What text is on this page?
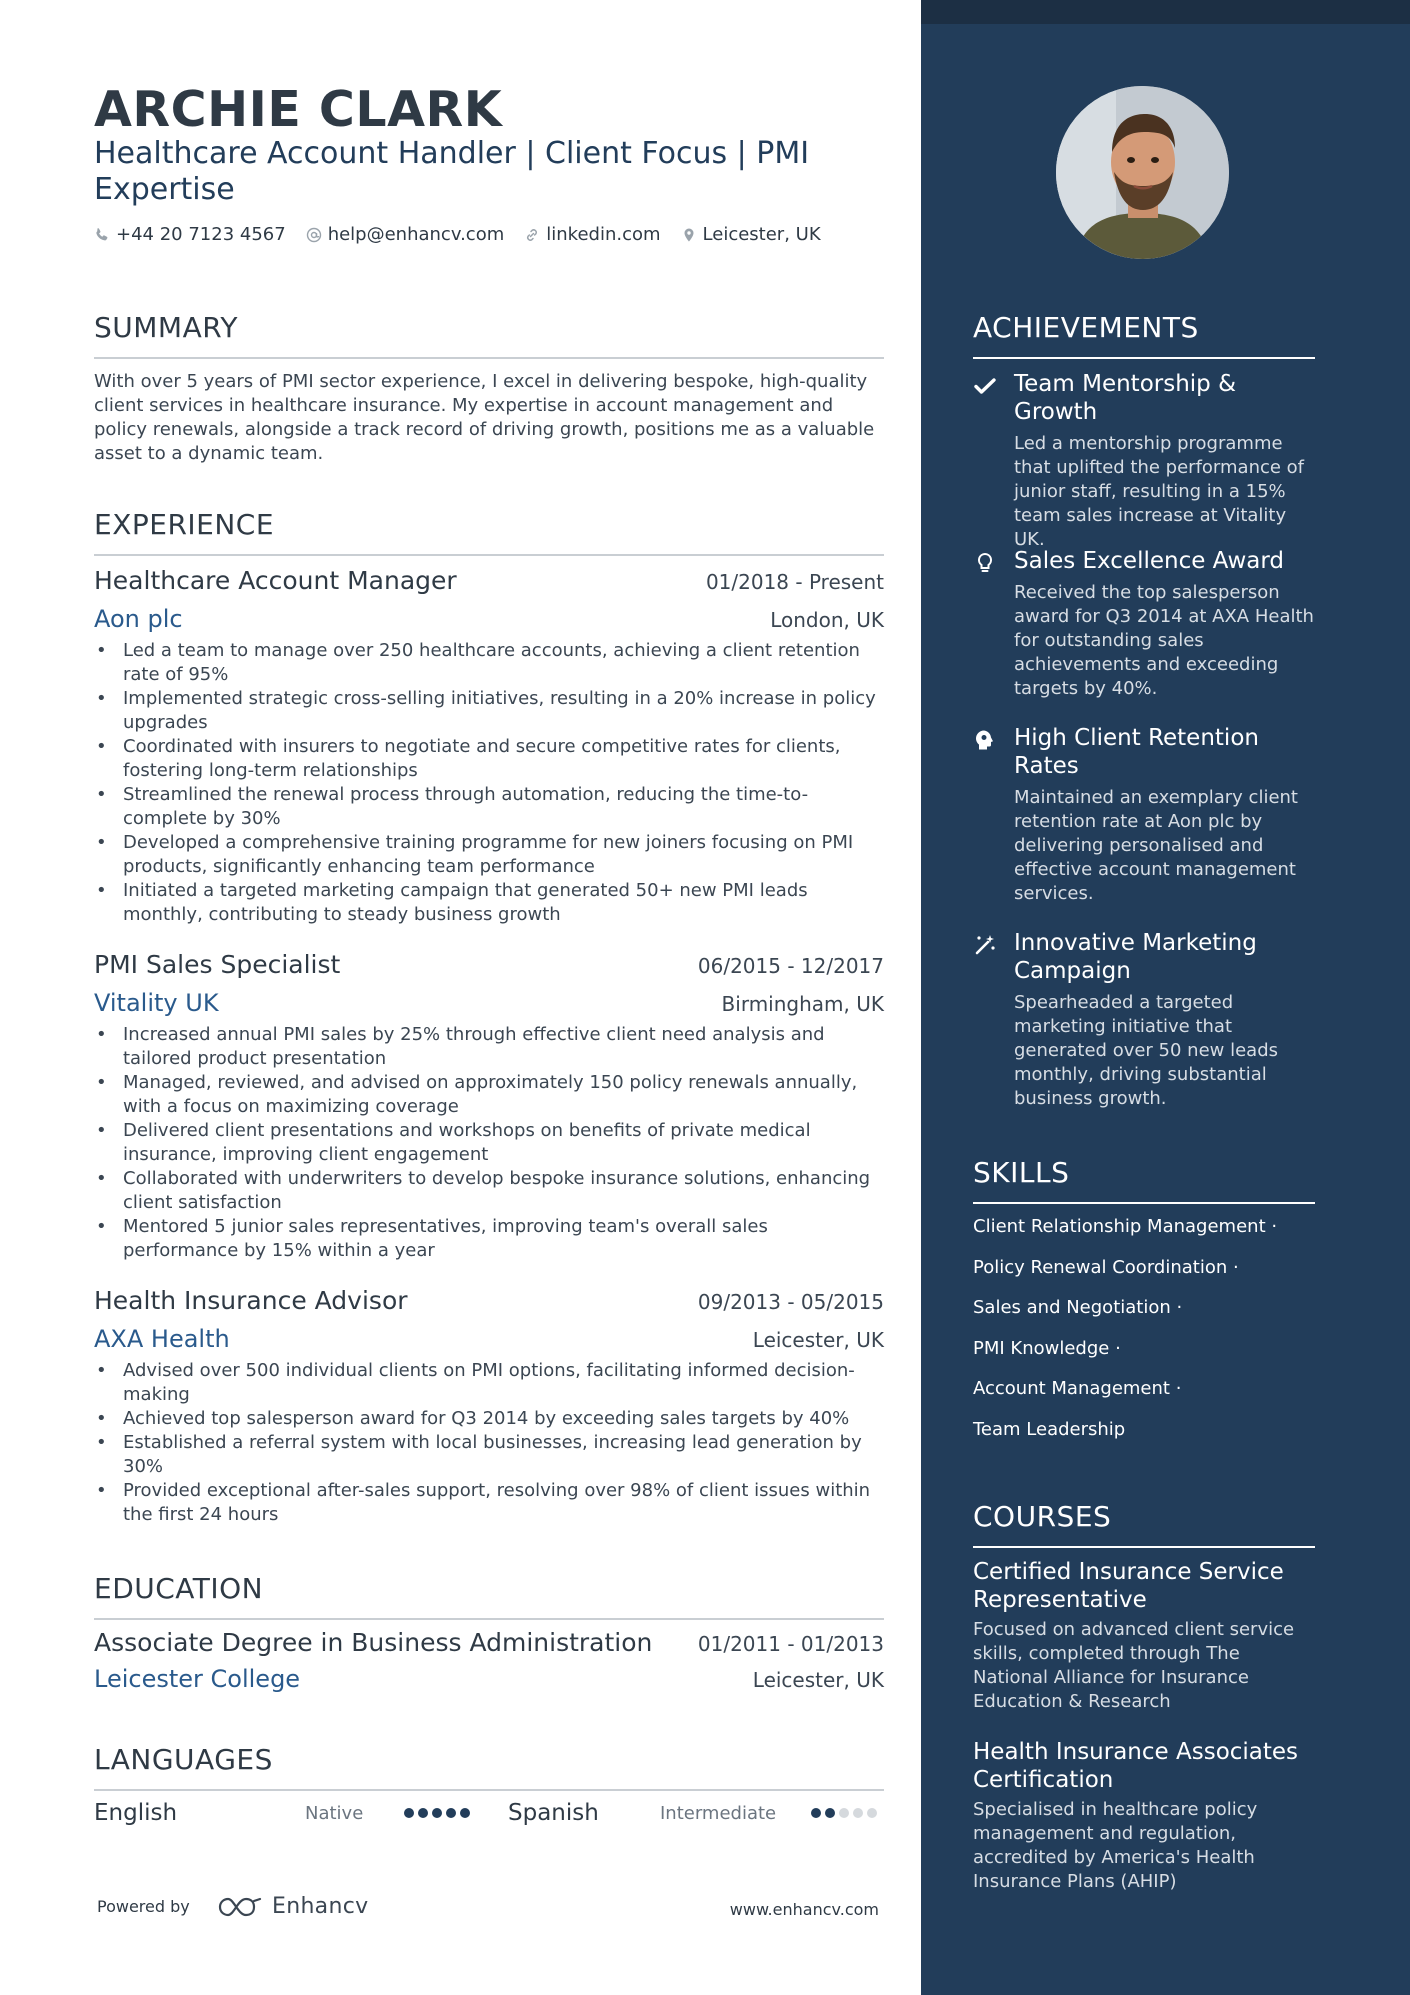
ARCHIE CLARK
Healthcare Account Handler | Client Focus | PMI Expertise
+44 20 7123 4567 help@enhancv.com linkedin.com Leicester, UK
SUMMARY
With over 5 years of PMI sector experience, I excel in delivering bespoke, high-quality client services in healthcare insurance. My expertise in account management and policy renewals, alongside a track record of driving growth, positions me as a valuable asset to a dynamic team.
EXPERIENCE
Healthcare Account Manager	01/2018 - Present
Aon plc	London, UK
• Led a team to manage over 250 healthcare accounts, achieving a client retention rate of 95%
• Implemented strategic cross-selling initiatives, resulting in a 20% increase in policy upgrades
• Coordinated with insurers to negotiate and secure competitive rates for clients, fostering long-term relationships
• Streamlined the renewal process through automation, reducing the time-to-complete by 30%
• Developed a comprehensive training programme for new joiners focusing on PMI products, significantly enhancing team performance
• Initiated a targeted marketing campaign that generated 50+ new PMI leads monthly, contributing to steady business growth
PMI Sales Specialist	06/2015 - 12/2017
Vitality UK	Birmingham, UK
• Increased annual PMI sales by 25% through effective client need analysis and tailored product presentation
• Managed, reviewed, and advised on approximately 150 policy renewals annually, with a focus on maximizing coverage
• Delivered client presentations and workshops on benefits of private medical insurance, improving client engagement
• Collaborated with underwriters to develop bespoke insurance solutions, enhancing client satisfaction
• Mentored 5 junior sales representatives, improving team's overall sales performance by 15% within a year
Health Insurance Advisor	09/2013 - 05/2015
AXA Health	Leicester, UK
• Advised over 500 individual clients on PMI options, facilitating informed decision-making
• Achieved top salesperson award for Q3 2014 by exceeding sales targets by 40%
• Established a referral system with local businesses, increasing lead generation by 30%
• Provided exceptional after-sales support, resolving over 98% of client issues within the first 24 hours
EDUCATION
Associate Degree in Business Administration 01/2011 - 01/2013
Leicester College	Leicester, UK
LANGUAGES
English	Native	Spanish	Intermediate
Powered by	Enhancv	www.enhancv.com
ACHIEVEMENTS
Team Mentorship & Growth
Led a mentorship programme that uplifted the performance of junior staff, resulting in a 15% team sales increase at Vitality UK.
Sales Excellence Award
Received the top salesperson award for Q3 2014 at AXA Health for outstanding sales achievements and exceeding targets by 40%.
High Client Retention Rates
Maintained an exemplary client retention rate at Aon plc by delivering personalised and effective account management services.
Innovative Marketing Campaign
Spearheaded a targeted marketing initiative that generated over 50 new leads monthly, driving substantial business growth.
SKILLS
Client Relationship Management ·
Policy Renewal Coordination ·
Sales and Negotiation ·
PMI Knowledge ·
Account Management ·
Team Leadership
COURSES
Certified Insurance Service Representative
Focused on advanced client service skills, completed through The National Alliance for Insurance Education & Research
Health Insurance Associates Certification
Specialised in healthcare policy management and regulation, accredited by America's Health Insurance Plans (AHIP)
